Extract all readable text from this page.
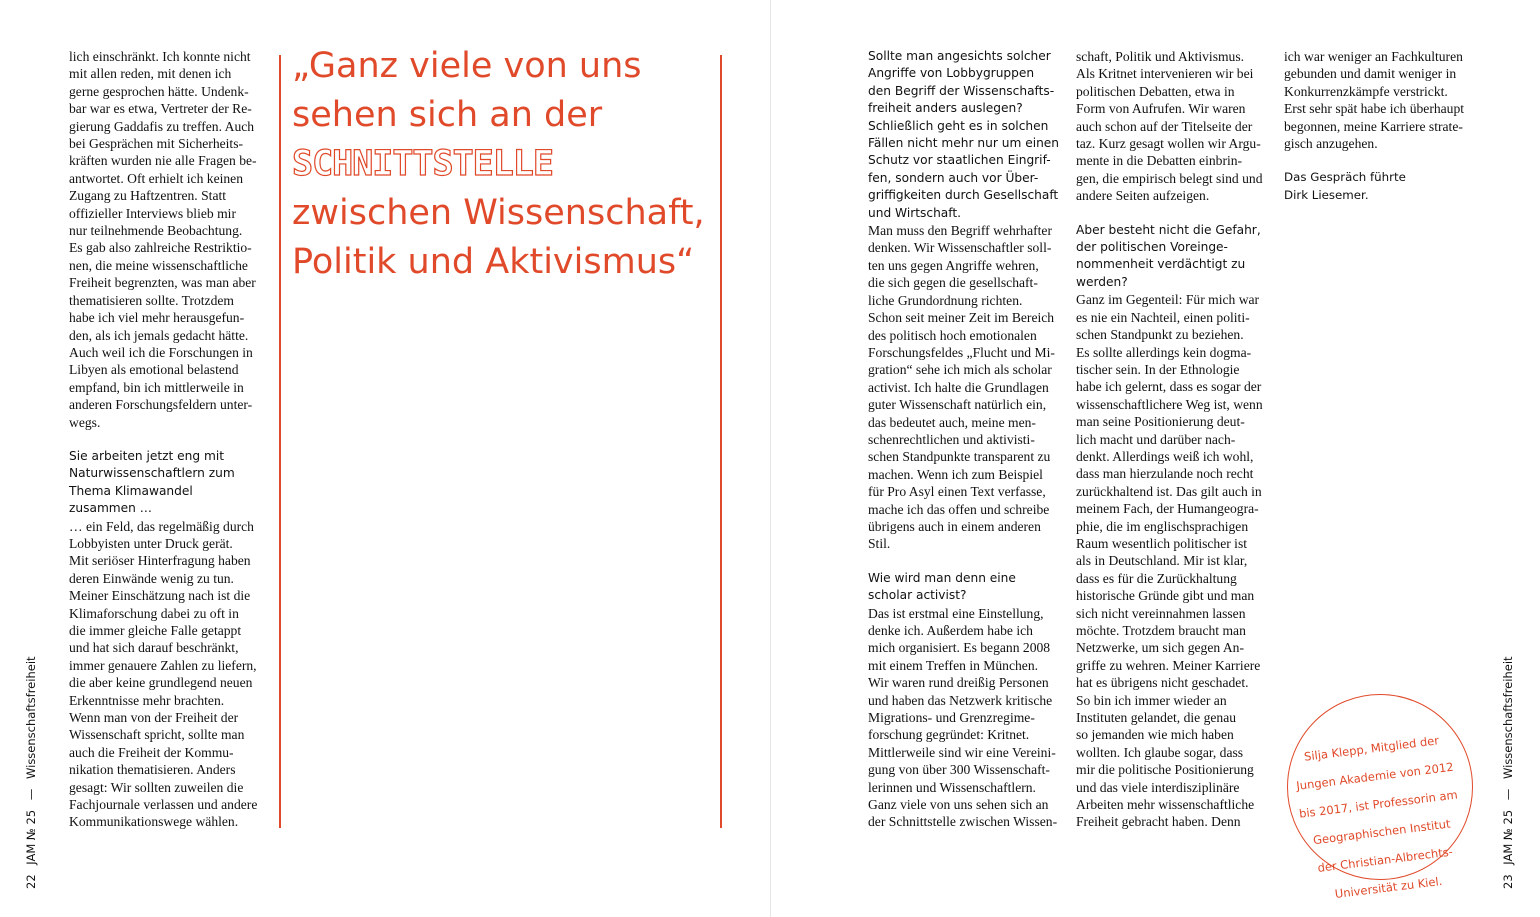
22 JAM № 25 — Wissenschaftsfreiheit

lich einschränkt. Ich konnte nicht

mit allen reden, mit denen ich

gerne gesprochen hätte. Undenk-

bar war es etwa, Vertreter der Re-

gierung Gaddafis zu treffen. Auch

bei Gesprächen mit Sicherheits-

kräften wurden nie alle Fragen be-

antwortet. Oft erhielt ich keinen

Zugang zu Haftzentren. Statt

offizieller Interviews blieb mir

nur teilnehmende Beobachtung.

Es gab also zahlreiche Restriktio-

nen, die meine wissenschaftliche

Freiheit begrenzten, was man aber

thematisieren sollte. Trotzdem

habe ich viel mehr herausgefun-

den, als ich jemals gedacht hätte.

Auch weil ich die Forschungen in

Libyen als emotional belastend

empfand, bin ich mittlerweile in

anderen Forschungsfeldern unter-

wegs.

Sie arbeiten jetzt eng mit

Naturwissenschaftlern zum

Thema Klimawandel

zusammen …

… ein Feld, das regelmäßig durch

Lobbyisten unter Druck gerät.

Mit seriöser Hinterfragung haben

deren Einwände wenig zu tun.

Meiner Einschätzung nach ist die

Klimaforschung dabei zu oft in

die immer gleiche Falle getappt

und hat sich darauf beschränkt,

immer genauere Zahlen zu liefern,

die aber keine grundlegend neuen

Erkenntnisse mehr brachten.

Wenn man von der Freiheit der

Wissenschaft spricht, sollte man

auch die Freiheit der Kommu-

nikation thematisieren. Anders

gesagt: Wir sollten zuweilen die

Fachjournale verlassen und andere

Kommunikationswege wählen.

„Ganz viele von uns sehen sich an der SCHNITTSTELLE zwischen Wissenschaft, Politik und Aktivismus“

Sollte man angesichts solcher

Angriffe von Lobbygruppen

den Begriff der Wissenschafts-

freiheit anders auslegen?

Schließlich geht es in solchen

Fällen nicht mehr nur um einen

Schutz vor staatlichen Eingrif-

fen, sondern auch vor Über-

griffigkeiten durch Gesellschaft

und Wirtschaft.

Man muss den Begriff wehrhafter

denken. Wir Wissenschaftler soll-

ten uns gegen Angriffe wehren,

die sich gegen die gesellschaft-

liche Grundordnung richten.

Schon seit meiner Zeit im Bereich

des politisch hoch emotionalen

Forschungsfeldes „Flucht und Mi-

gration“ sehe ich mich als scholar

activist. Ich halte die Grundlagen

guter Wissenschaft natürlich ein,

das bedeutet auch, meine men-

schenrechtlichen und aktivisti-

schen Standpunkte transparent zu

machen. Wenn ich zum Beispiel

für Pro Asyl einen Text verfasse,

mache ich das offen und schreibe

übrigens auch in einem anderen

Stil.

Wie wird man denn eine

scholar activist?

Das ist erstmal eine Einstellung,

denke ich. Außerdem habe ich

mich organisiert. Es begann 2008

mit einem Treffen in München.

Wir waren rund dreißig Personen

und haben das Netzwerk kritische

Migrations- und Grenzregime-

forschung gegründet: Kritnet.

Mittlerweile sind wir eine Vereini-

gung von über 300 Wissenschaft-

lerinnen und Wissenschaftlern.

Ganz viele von uns sehen sich an

der Schnittstelle zwischen Wissen-

schaft, Politik und Aktivismus.

Als Kritnet intervenieren wir bei

politischen Debatten, etwa in

Form von Aufrufen. Wir waren

auch schon auf der Titelseite der

taz. Kurz gesagt wollen wir Argu-

mente in die Debatten einbrin-

gen, die empirisch belegt sind und

andere Seiten aufzeigen.

Aber besteht nicht die Gefahr,

der politischen Voreinge-

nommenheit verdächtigt zu

werden?

Ganz im Gegenteil: Für mich war

es nie ein Nachteil, einen politi-

schen Standpunkt zu beziehen.

Es sollte allerdings kein dogma-

tischer sein. In der Ethnologie

habe ich gelernt, dass es sogar der

wissenschaftlichere Weg ist, wenn

man seine Positionierung deut-

lich macht und darüber nach-

denkt. Allerdings weiß ich wohl,

dass man hierzulande noch recht

zurückhaltend ist. Das gilt auch in

meinem Fach, der Humangeogra-

phie, die im englischsprachigen

Raum wesentlich politischer ist

als in Deutschland. Mir ist klar,

dass es für die Zurückhaltung

historische Gründe gibt und man

sich nicht vereinnahmen lassen

möchte. Trotzdem braucht man

Netzwerke, um sich gegen An-

griffe zu wehren. Meiner Karriere

hat es übrigens nicht geschadet.

So bin ich immer wieder an

Instituten gelandet, die genau

so jemanden wie mich haben

wollten. Ich glaube sogar, dass

mir die politische Positionierung

und das viele interdisziplinäre

Arbeiten mehr wissenschaftliche

Freiheit gebracht haben. Denn

ich war weniger an Fachkulturen

gebunden und damit weniger in

Konkurrenzkämpfe verstrickt.

Erst sehr spät habe ich überhaupt

begonnen, meine Karriere strate-

gisch anzugehen.

Das Gespräch führte

Dirk Liesemer.

Silja Klepp, Mitglied der

Jungen Akademie von 2012

bis 2017, ist Professorin am

Geographischen Institut

der Christian-Albrechts-

Universität zu Kiel.	23 JAM № 25 — Wissenschaftsfreiheit
